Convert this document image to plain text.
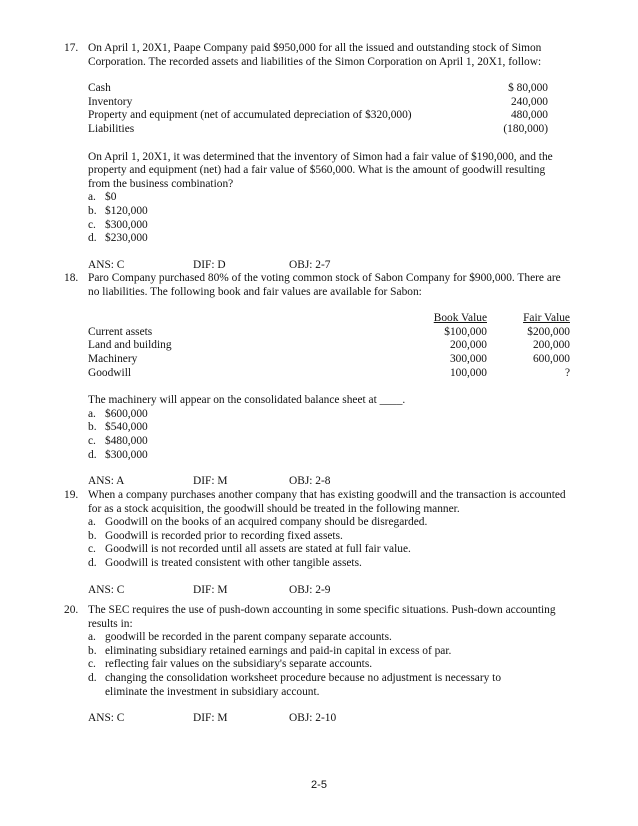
17. On April 1, 20X1, Paape Company paid $950,000 for all the issued and outstanding stock of Simon Corporation. The recorded assets and liabilities of the Simon Corporation on April 1, 20X1, follow:
Cash	$ 80,000
Inventory	240,000
Property and equipment (net of accumulated depreciation of $320,000)	480,000
Liabilities	(180,000)
On April 1, 20X1, it was determined that the inventory of Simon had a fair value of $190,000, and the property and equipment (net) had a fair value of $560,000. What is the amount of goodwill resulting from the business combination?
a. $0
b. $120,000
c. $300,000
d. $230,000
ANS: C	DIF: D	OBJ: 2-7
18. Paro Company purchased 80% of the voting common stock of Sabon Company for $900,000. There are no liabilities. The following book and fair values are available for Sabon:
	Book Value	Fair Value
Current assets	$100,000	$200,000
Land and building	200,000	200,000
Machinery	300,000	600,000
Goodwill	100,000	?
The machinery will appear on the consolidated balance sheet at ____.
a. $600,000
b. $540,000
c. $480,000
d. $300,000
ANS: A	DIF: M	OBJ: 2-8
19. When a company purchases another company that has existing goodwill and the transaction is accounted for as a stock acquisition, the goodwill should be treated in the following manner.
a. Goodwill on the books of an acquired company should be disregarded.
b. Goodwill is recorded prior to recording fixed assets.
c. Goodwill is not recorded until all assets are stated at full fair value.
d. Goodwill is treated consistent with other tangible assets.
ANS: C	DIF: M	OBJ: 2-9
20. The SEC requires the use of push-down accounting in some specific situations. Push-down accounting results in:
a. goodwill be recorded in the parent company separate accounts.
b. eliminating subsidiary retained earnings and paid-in capital in excess of par.
c. reflecting fair values on the subsidiary's separate accounts.
d. changing the consolidation worksheet procedure because no adjustment is necessary to eliminate the investment in subsidiary account.
ANS: C	DIF: M	OBJ: 2-10
2-5
